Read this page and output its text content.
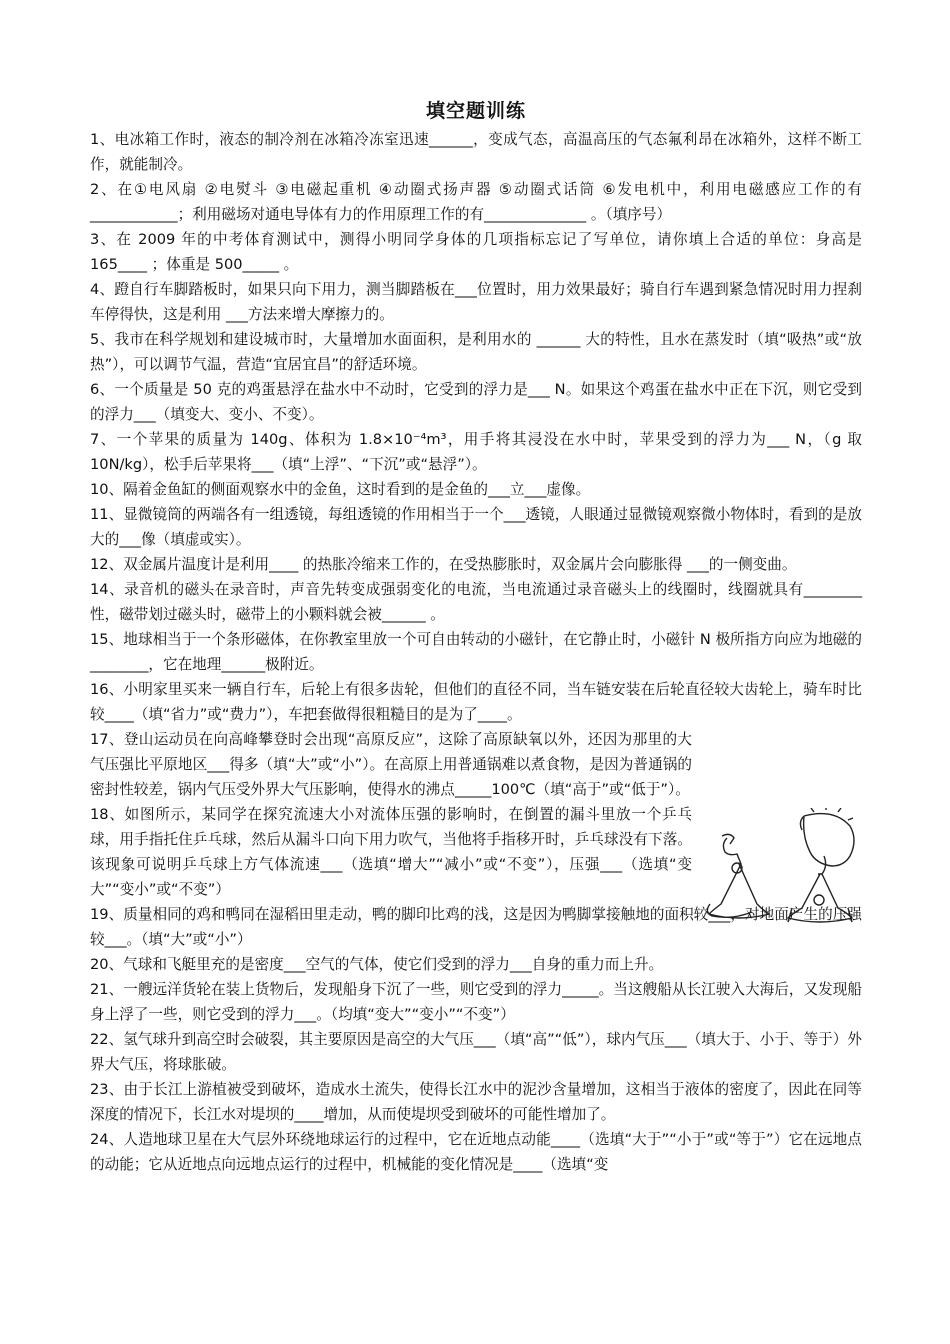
填空题训练

1、电冰箱工作时，液态的制冷剂在冰箱冷冻室迅速______，变成气态，高温高压的气态氟利昂在冰箱外，这样不断工作，就能制冷。

2、在①电风扇 ②电熨斗 ③电磁起重机 ④动圈式扬声器 ⑤动圈式话筒 ⑥发电机中，利用电磁感应工作的有____________；利用磁场对通电导体有力的作用原理工作的有______________ 。（填序号）

3、在 2009 年的中考体育测试中，测得小明同学身体的几项指标忘记了写单位，请你填上合适的单位：身高是 165____ ；体重是 500_____ 。

4、蹬自行车脚踏板时，如果只向下用力，测当脚踏板在___位置时，用力效果最好；骑自行车遇到紧急情况时用力捏刹车停得快，这是利用 ___方法来增大摩擦力的。

5、我市在科学规划和建设城市时，大量增加水面面积，是利用水的 ______ 大的特性，且水在蒸发时（填“吸热”或“放热”），可以调节气温，营造“宜居宜昌”的舒适环境。

6、一个质量是 50 克的鸡蛋悬浮在盐水中不动时，它受到的浮力是___ N。如果这个鸡蛋在盐水中正在下沉，则它受到的浮力___（填变大、变小、不变）。

7、一个苹果的质量为 140g、体积为 1.8×10⁻⁴m³，用手将其浸没在水中时，苹果受到的浮力为___ N，（g 取 10N/kg），松手后苹果将___（填“上浮”、“下沉”或“悬浮”）。

10、隔着金鱼缸的侧面观察水中的金鱼，这时看到的是金鱼的___立___虚像。

11、显微镜筒的两端各有一组透镜，每组透镜的作用相当于一个___透镜，人眼通过显微镜观察微小物体时，看到的是放大的___像（填虚或实）。

12、双金属片温度计是利用____ 的热胀冷缩来工作的，在受热膨胀时，双金属片会向膨胀得 ___的一侧变曲。

14、录音机的磁头在录音时，声音先转变成强弱变化的电流，当电流通过录音磁头上的线圈时，线圈就具有________性，磁带划过磁头时，磁带上的小颗料就会被______ 。

15、地球相当于一个条形磁体，在你教室里放一个可自由转动的小磁针，在它静止时，小磁针 N 极所指方向应为地磁的 ________，它在地理______极附近。

16、小明家里买来一辆自行车，后轮上有很多齿轮，但他们的直径不同，当车链安装在后轮直径较大齿轮上，骑车时比较____（填“省力”或“费力”），车把套做得很粗糙目的是为了____。

17、登山运动员在向高峰攀登时会出现“高原反应”，这除了高原缺氧以外，还因为那里的大气压强比平原地区___得多（填“大”或“小”）。在高原上用普通锅难以煮食物，是因为普通锅的密封性较差，锅内气压受外界大气压影响，使得水的沸点_____100℃（填“高于”或“低于”）。

18、如图所示，某同学在探究流速大小对流体压强的影响时，在倒置的漏斗里放一个乒乓球，用手指托住乒乓球，然后从漏斗口向下用力吹气，当他将手指移开时，乒乓球没有下落。该现象可说明乒乓球上方气体流速___（选填“增大”“减小”或“不变”），压强___（选填“变大”“变小”或“不变”）

19、质量相同的鸡和鸭同在湿稻田里走动，鸭的脚印比鸡的浅，这是因为鸭脚掌接触地的面积较___，对地面产生的压强较___。（填“大”或“小”）

20、气球和飞艇里充的是密度___空气的气体，使它们受到的浮力___自身的重力而上升。

21、一艘远洋货轮在装上货物后，发现船身下沉了一些，则它受到的浮力_____。当这艘船从长江驶入大海后，又发现船身上浮了一些，则它受到的浮力___。（均填“变大”“变小”“不变”）

22、氢气球升到高空时会破裂，其主要原因是高空的大气压___（填“高”“低”），球内气压___（填大于、小于、等于）外界大气压，将球胀破。

23、由于长江上游植被受到破坏，造成水土流失，使得长江水中的泥沙含量增加，这相当于液体的密度了，因此在同等深度的情况下，长江水对堤坝的____增加，从而使堤坝受到破坏的可能性增加了。

24、人造地球卫星在大气层外环绕地球运行的过程中，它在近地点动能____（选填“大于”“小于”或“等于”）它在远地点的动能；它从近地点向远地点运行的过程中，机械能的变化情况是____（选填“变
